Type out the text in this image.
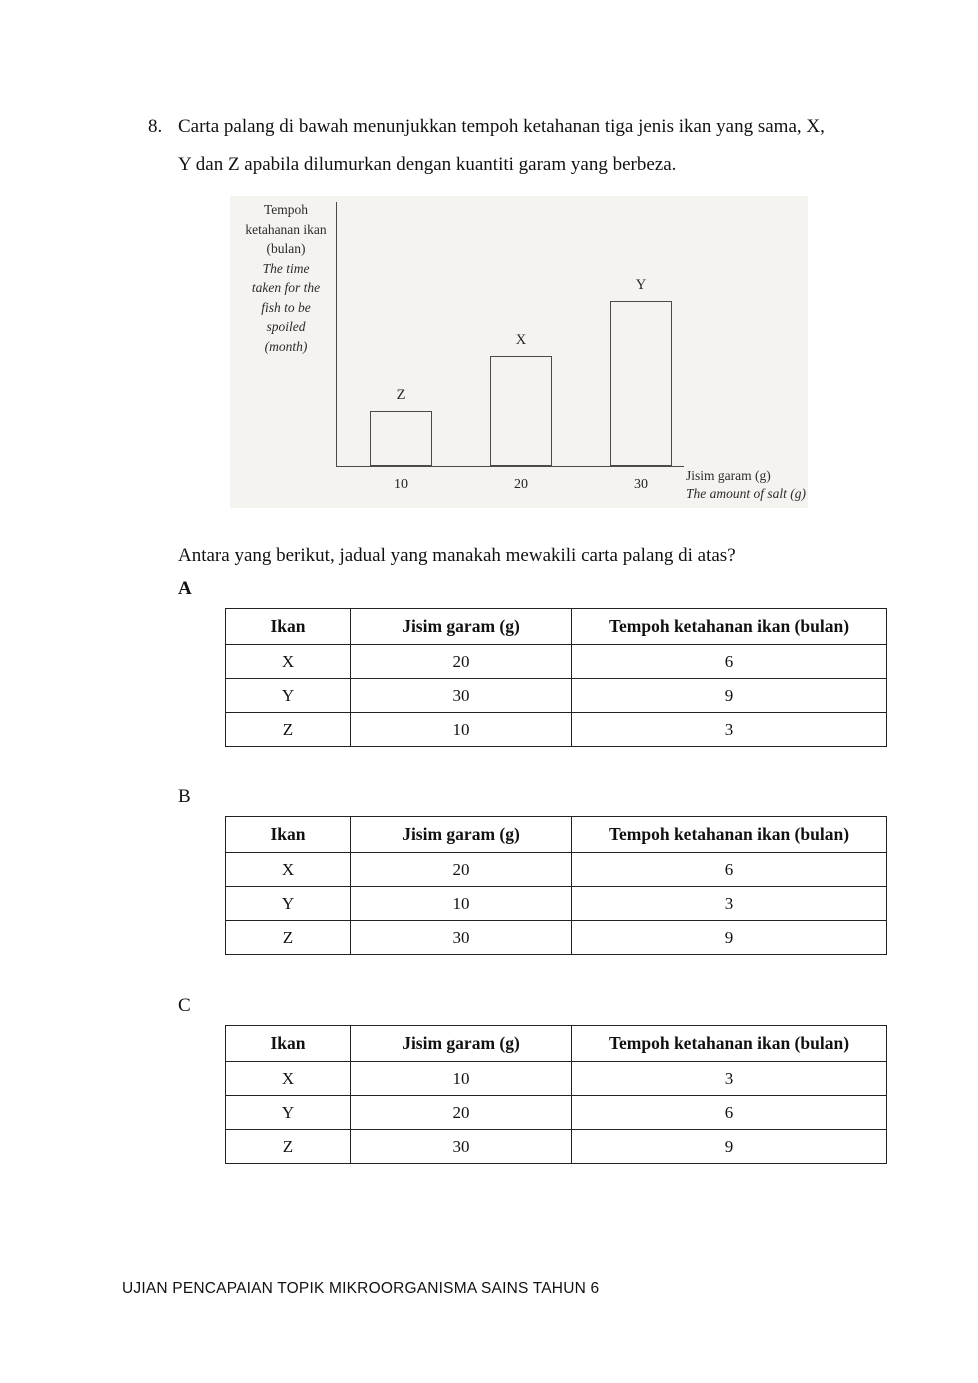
8. Carta palang di bawah menunjukkan tempoh ketahanan tiga jenis ikan yang sama, X,
Y dan Z apabila dilumurkan dengan kuantiti garam yang berbeza.
Tempoh
ketahanan ikan
(bulan)
The time
taken for the
fish to be
spoiled
(month)
Z
X
Y
10	20	30
Jisim garam (g)
The amount of salt (g)
Antara yang berikut, jadual yang manakah mewakili carta palang di atas?
A
Ikan	Jisim garam (g)	Tempoh ketahanan ikan (bulan)
X	20	6
Y	30	9
Z	10	3
B
Ikan	Jisim garam (g)	Tempoh ketahanan ikan (bulan)
X	20	6
Y	10	3
Z	30	9
C
Ikan	Jisim garam (g)	Tempoh ketahanan ikan (bulan)
X	10	3
Y	20	6
Z	30	9
UJIAN PENCAPAIAN TOPIK MIKROORGANISMA SAINS TAHUN 6
